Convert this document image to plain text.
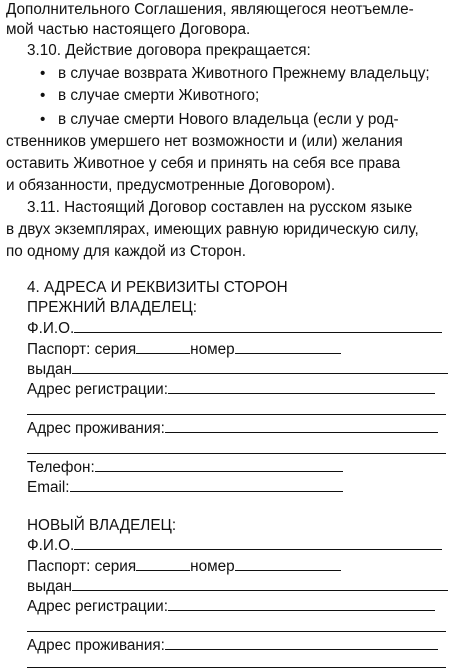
Дополнительного Соглашения, являющегося неотъемле-
мой частью настоящего Договора.
3.10. Действие договора прекращается:
• в случае возврата Животного Прежнему владельцу;
• в случае смерти Животного;
• в случае смерти Нового владельца (если у род-
ственников умершего нет возможности и (или) желания
оставить Животное у себя и принять на себя все права
и обязанности, предусмотренные Договором).
3.11. Настоящий Договор составлен на русском языке
в двух экземплярах, имеющих равную юридическую силу,
по одному для каждой из Сторон.
4. АДРЕСА И РЕКВИЗИТЫ СТОРОН
ПРЕЖНИЙ ВЛАДЕЛЕЦ:
Ф.И.О.
Паспорт: серия	номер
выдан
Адрес регистрации:
Адрес проживания:
Телефон:
Email:
НОВЫЙ ВЛАДЕЛЕЦ:
Ф.И.О.
Паспорт: серия	номер
выдан
Адрес регистрации:
Адрес проживания:
